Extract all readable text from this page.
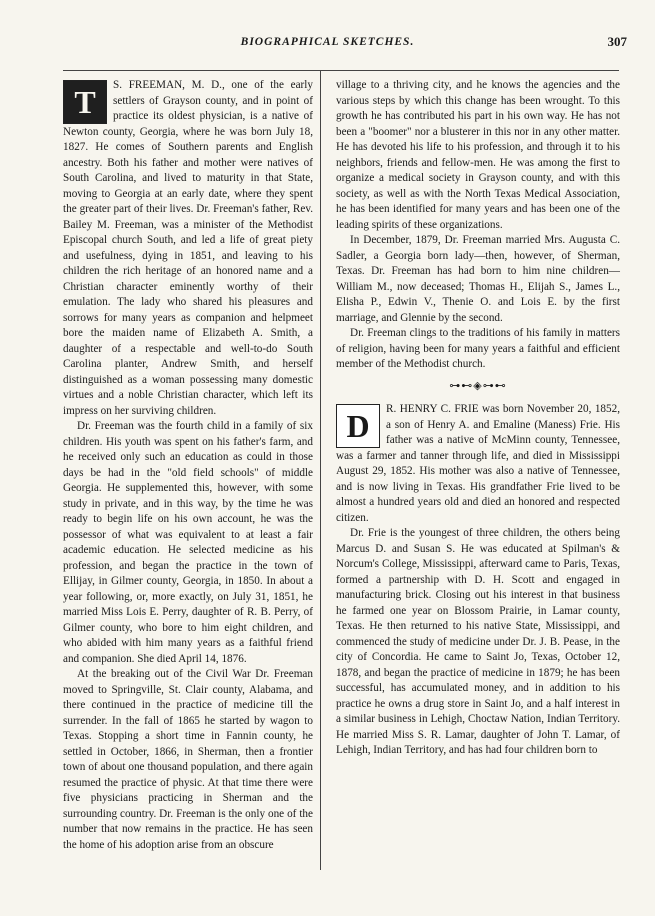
BIOGRAPHICAL SKETCHES.	307

T	S. FREEMAN, M. D., one of the early settlers of Grayson county, and in point of practice its oldest physician, is a native of Newton county, Georgia, where he was born July 18, 1827. He comes of Southern parents and English ancestry. Both his father and mother were natives of South Carolina, and lived to maturity in that State, moving to Georgia at an early date, where they spent the greater part of their lives. Dr. Freeman's father, Rev. Bailey M. Freeman, was a minister of the Methodist Episcopal church South, and led a life of great piety and usefulness, dying in 1851, and leaving to his children the rich heritage of an honored name and a Christian character eminently worthy of their emulation. The lady who shared his pleasures and sorrows for many years as companion and helpmeet bore the maiden name of Elizabeth A. Smith, a daughter of a respectable and well-to-do South Carolina planter, Andrew Smith, and herself distinguished as a woman possessing many domestic virtues and a noble Christian character, which left its impress on her surviving children.

Dr. Freeman was the fourth child in a family of six children. His youth was spent on his father's farm, and he received only such an education as could in those days be had in the "old field schools" of middle Georgia. He supplemented this, however, with some study in private, and in this way, by the time he was ready to begin life on his own account, he was the possessor of what was equivalent to at least a fair academic education. He selected medicine as his profession, and began the practice in the town of Ellijay, in Gilmer county, Georgia, in 1850. In about a year following, or, more exactly, on July 31, 1851, he married Miss Lois E. Perry, daughter of R. B. Perry, of Gilmer county, who bore to him eight children, and who abided with him many years as a faithful friend and companion. She died April 14, 1876.

At the breaking out of the Civil War Dr. Freeman moved to Springville, St. Clair county, Alabama, and there continued in the practice of medicine till the surrender. In the fall of 1865 he started by wagon to Texas. Stopping a short time in Fannin county, he settled in October, 1866, in Sherman, then a frontier town of about one thousand population, and there again resumed the practice of physic. At that time there were five physicians practicing in Sherman and the surrounding country. Dr. Freeman is the only one of the number that now remains in the practice. He has seen the home of his adoption arise from an obscure

village to a thriving city, and he knows the agencies and the various steps by which this change has been wrought. To this growth he has contributed his part in his own way. He has not been a "boomer" nor a blusterer in this nor in any other matter. He has devoted his life to his profession, and through it to his neighbors, friends and fellow-men. He was among the first to organize a medical society in Grayson county, and with this society, as well as with the North Texas Medical Association, he has been identified for many years and has been one of the leading spirits of these organizations.

In December, 1879, Dr. Freeman married Mrs. Augusta C. Sadler, a Georgia born lady—then, however, of Sherman, Texas. Dr. Freeman has had born to him nine children—William M., now deceased; Thomas H., Elijah S., James L., Elisha P., Edwin V., Thenie O. and Lois E. by the first marriage, and Glennie by the second.

Dr. Freeman clings to the traditions of his family in matters of religion, having been for many years a faithful and efficient member of the Methodist church.

⊶⊷◈⊶⊷

D	R. HENRY C. FRIE was born November 20, 1852, a son of Henry A. and Emaline (Maness) Frie. His father was a native of McMinn county, Tennessee, was a farmer and tanner through life, and died in Mississippi August 29, 1852. His mother was also a native of Tennessee, and is now living in Texas. His grandfather Frie lived to be almost a hundred years old and died an honored and respected citizen.

Dr. Frie is the youngest of three children, the others being Marcus D. and Susan S. He was educated at Spilman's & Norcum's College, Mississippi, afterward came to Paris, Texas, formed a partnership with D. H. Scott and engaged in manufacturing brick. Closing out his interest in that business he farmed one year on Blossom Prairie, in Lamar county, Texas. He then returned to his native State, Mississippi, and commenced the study of medicine under Dr. J. B. Pease, in the city of Concordia. He came to Saint Jo, Texas, October 12, 1878, and began the practice of medicine in 1879; he has been successful, has accumulated money, and in addition to his practice he owns a drug store in Saint Jo, and a half interest in a similar business in Lehigh, Choctaw Nation, Indian Territory. He married Miss S. R. Lamar, daughter of John T. Lamar, of Lehigh, Indian Territory, and has had four children born to
